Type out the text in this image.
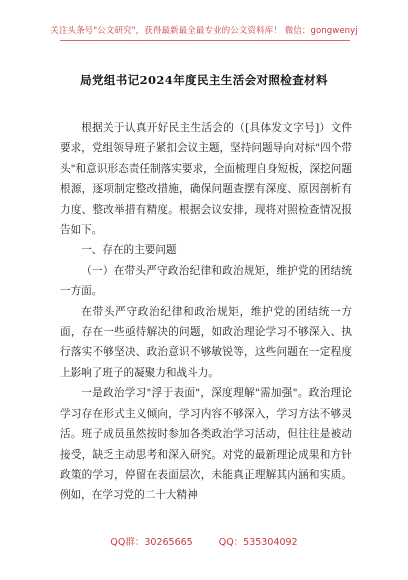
关注头条号"公文研究"，获得最新最全最专业的公文资料库！ 微信：gongwenyj
局党组书记2024年度民主生活会对照检查材料

根据关于认真开好民主生活会的（[具体发文字号]）文件要求，党组领导班子紧扣会议主题，坚持问题导向对标"四个带头"和意识形态责任制落实要求，全面梳理自身短板，深挖问题根源，逐项制定整改措施，确保问题查摆有深度、原因剖析有力度、整改举措有精度。根据会议安排，现将对照检查情况报告如下。

一、存在的主要问题

（一）在带头严守政治纪律和政治规矩，维护党的团结统一方面。

在带头严守政治纪律和政治规矩，维护党的团结统一方面，存在一些亟待解决的问题，如政治理论学习不够深入、执行落实不够坚决、政治意识不够敏锐等，这些问题在一定程度上影响了班子的凝聚力和战斗力。

一是政治学习"浮于表面"，深度理解"需加强"。政治理论学习存在形式主义倾向，学习内容不够深入，学习方法不够灵活。班子成员虽然按时参加各类政治学习活动，但往往是被动接受，缺乏主动思考和深入研究。对党的最新理论成果和方针政策的学习，停留在表面层次，未能真正理解其内涵和实质。例如，在学习党的二十大精神

QQ群：30265665	QQ：535304092
